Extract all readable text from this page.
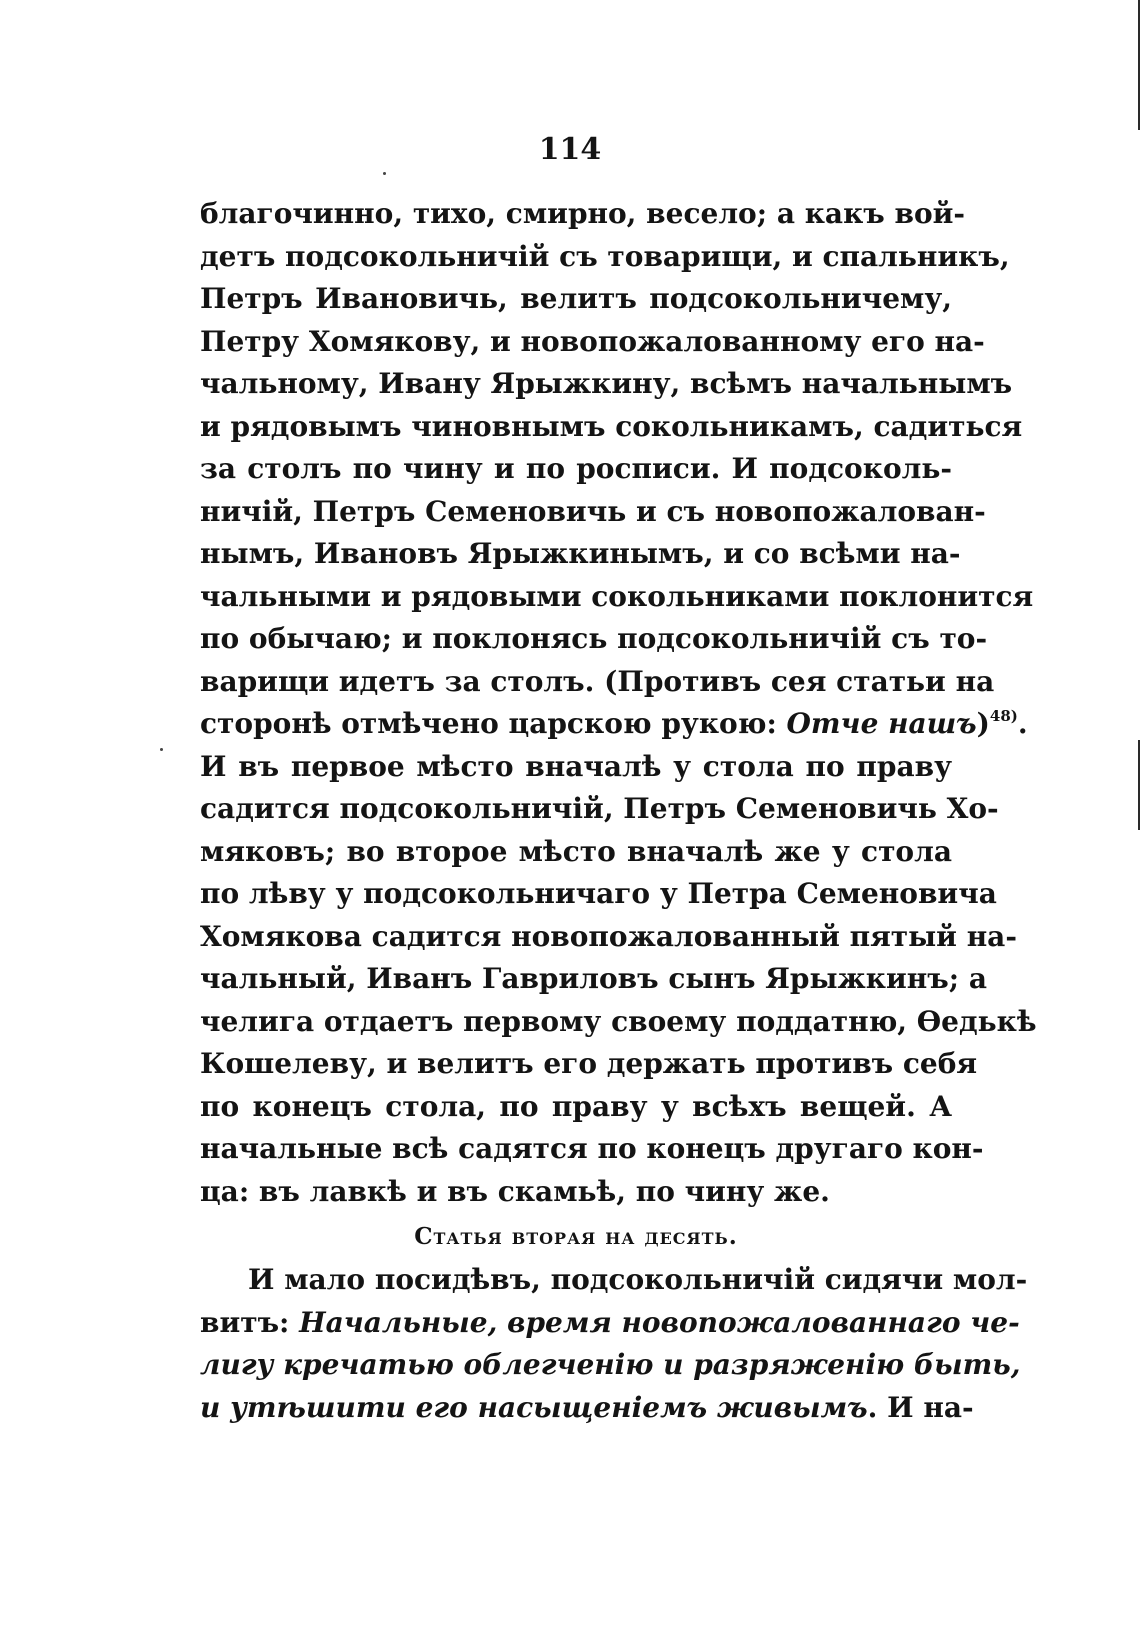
114
благочинно, тихо, смирно, весело; а какъ вой-
детъ подсокольничiй съ товарищи, и спальникъ,
Петръ Ивановичь, велитъ подсокольничему,
Петру Хомякову, и новопожалованному его на-
чальному, Ивану Ярыжкину, всѣмъ начальнымъ
и рядовымъ чиновнымъ сокольникамъ, садиться
за столъ по чину и по росписи. И подсоколь-
ничiй, Петръ Семеновичь и съ новопожалован-
нымъ, Ивановъ Ярыжкинымъ, и со всѣми на-
чальными и рядовыми сокольниками поклонится
по обычаю; и поклонясь подсокольничiй съ то-
варищи идетъ за столъ. (Противъ сея статьи на
сторонѣ отмѣчено царскою рукою: Отче нашъ)$^{48)}$.
И въ первое мѣсто вначалѣ у стола по праву
садится подсокольничiй, Петръ Семеновичь Хо-
мяковъ; во второе мѣсто вначалѣ же у стола
по лѣву у подсокольничаго у Петра Семеновича
Хомякова садится новопожалованный пятый на-
чальный, Иванъ Гавриловъ сынъ Ярыжкинъ; а
челига отдаетъ первому своему поддатню, Ѳедькѣ
Кошелеву, и велитъ его держать противъ себя
по конецъ стола, по праву у всѣхъ вещей. А
начальные всѣ садятся по конецъ другаго кон-
ца: въ лавкѣ и въ скамьѣ, по чину же.
Статья вторая на десять.
И мало посидѣвъ, подсокольничiй сидячи мол-
витъ: Начальные, время новопожалованнаго че-
лигу кречатью облегченiю и разряженiю быть,
и утѣшити его насыщенiемъ живымъ. И на-
